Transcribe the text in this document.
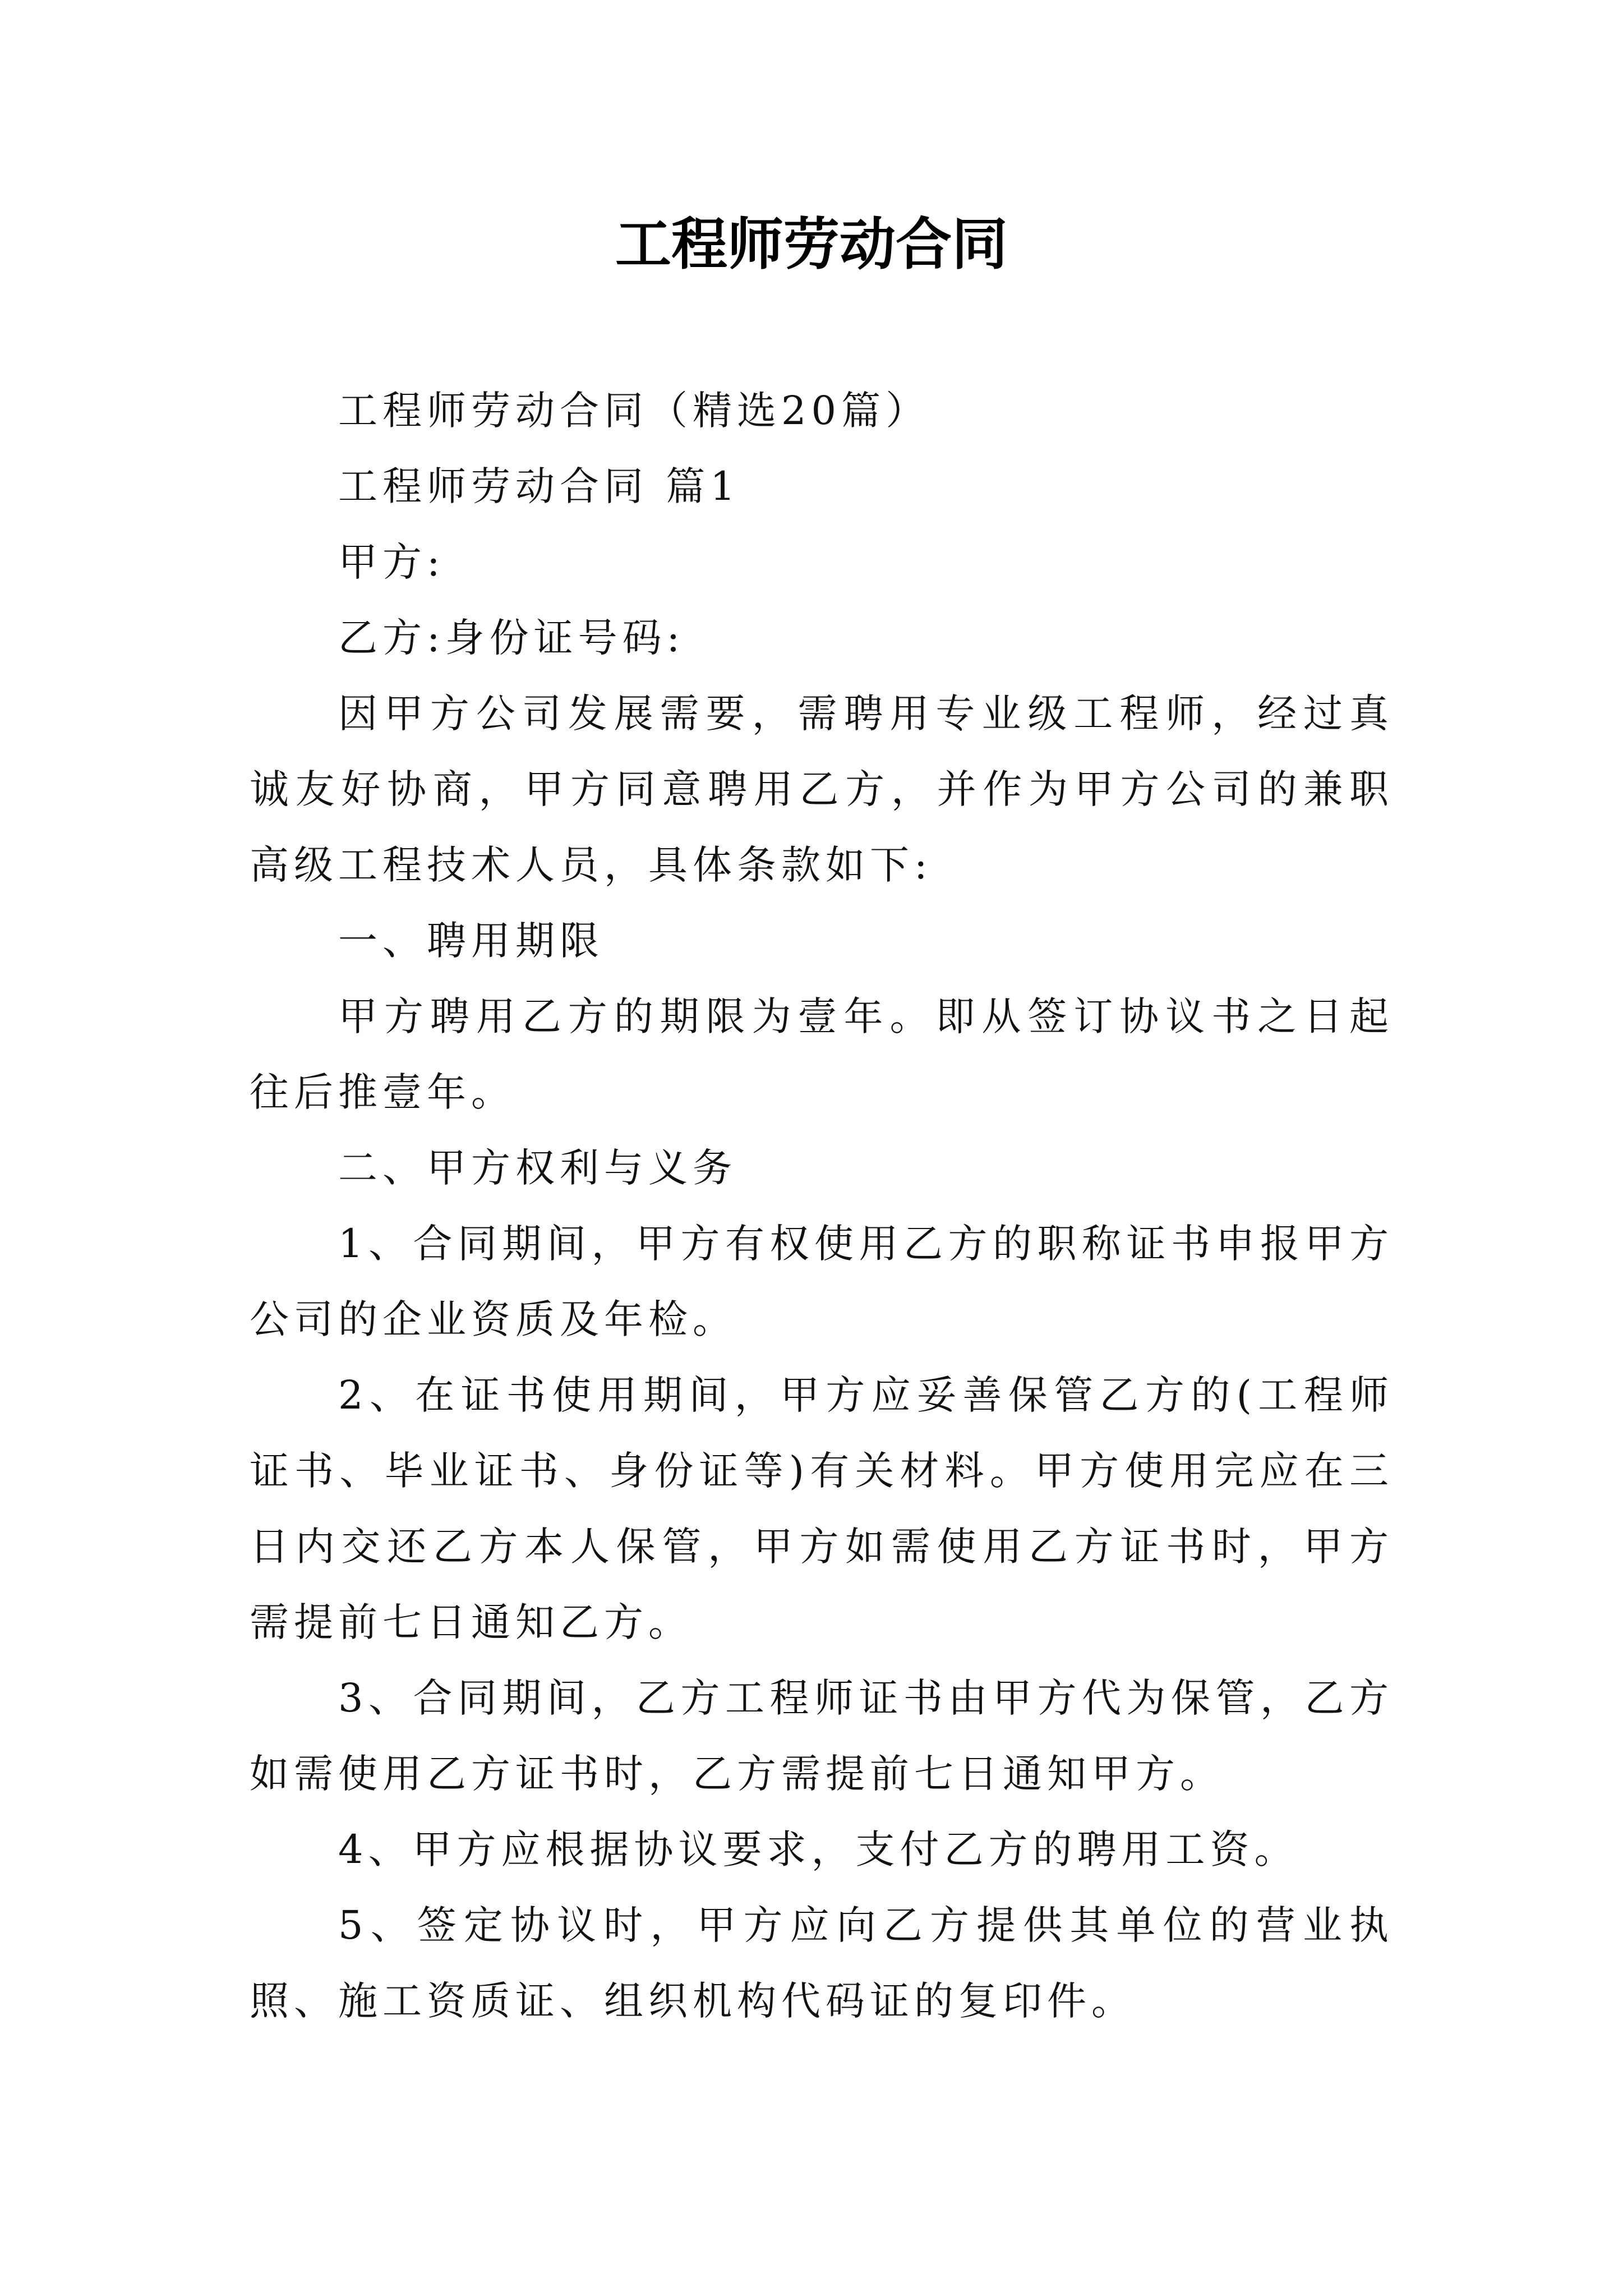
工程师劳动合同

工程师劳动合同（精选20篇）

工程师劳动合同 篇1

甲方:

乙方:身份证号码:

因甲方公司发展需要，需聘用专业级工程师，经过真诚友好协商，甲方同意聘用乙方，并作为甲方公司的兼职高级工程技术人员，具体条款如下:

一、聘用期限

甲方聘用乙方的期限为壹年。即从签订协议书之日起往后推壹年。

二、甲方权利与义务

1、合同期间，甲方有权使用乙方的职称证书申报甲方公司的企业资质及年检。

2、在证书使用期间，甲方应妥善保管乙方的(工程师证书、毕业证书、身份证等)有关材料。甲方使用完应在三日内交还乙方本人保管，甲方如需使用乙方证书时，甲方需提前七日通知乙方。

3、合同期间，乙方工程师证书由甲方代为保管，乙方如需使用乙方证书时，乙方需提前七日通知甲方。

4、甲方应根据协议要求，支付乙方的聘用工资。

5、签定协议时，甲方应向乙方提供其单位的营业执照、施工资质证、组织机构代码证的复印件。
